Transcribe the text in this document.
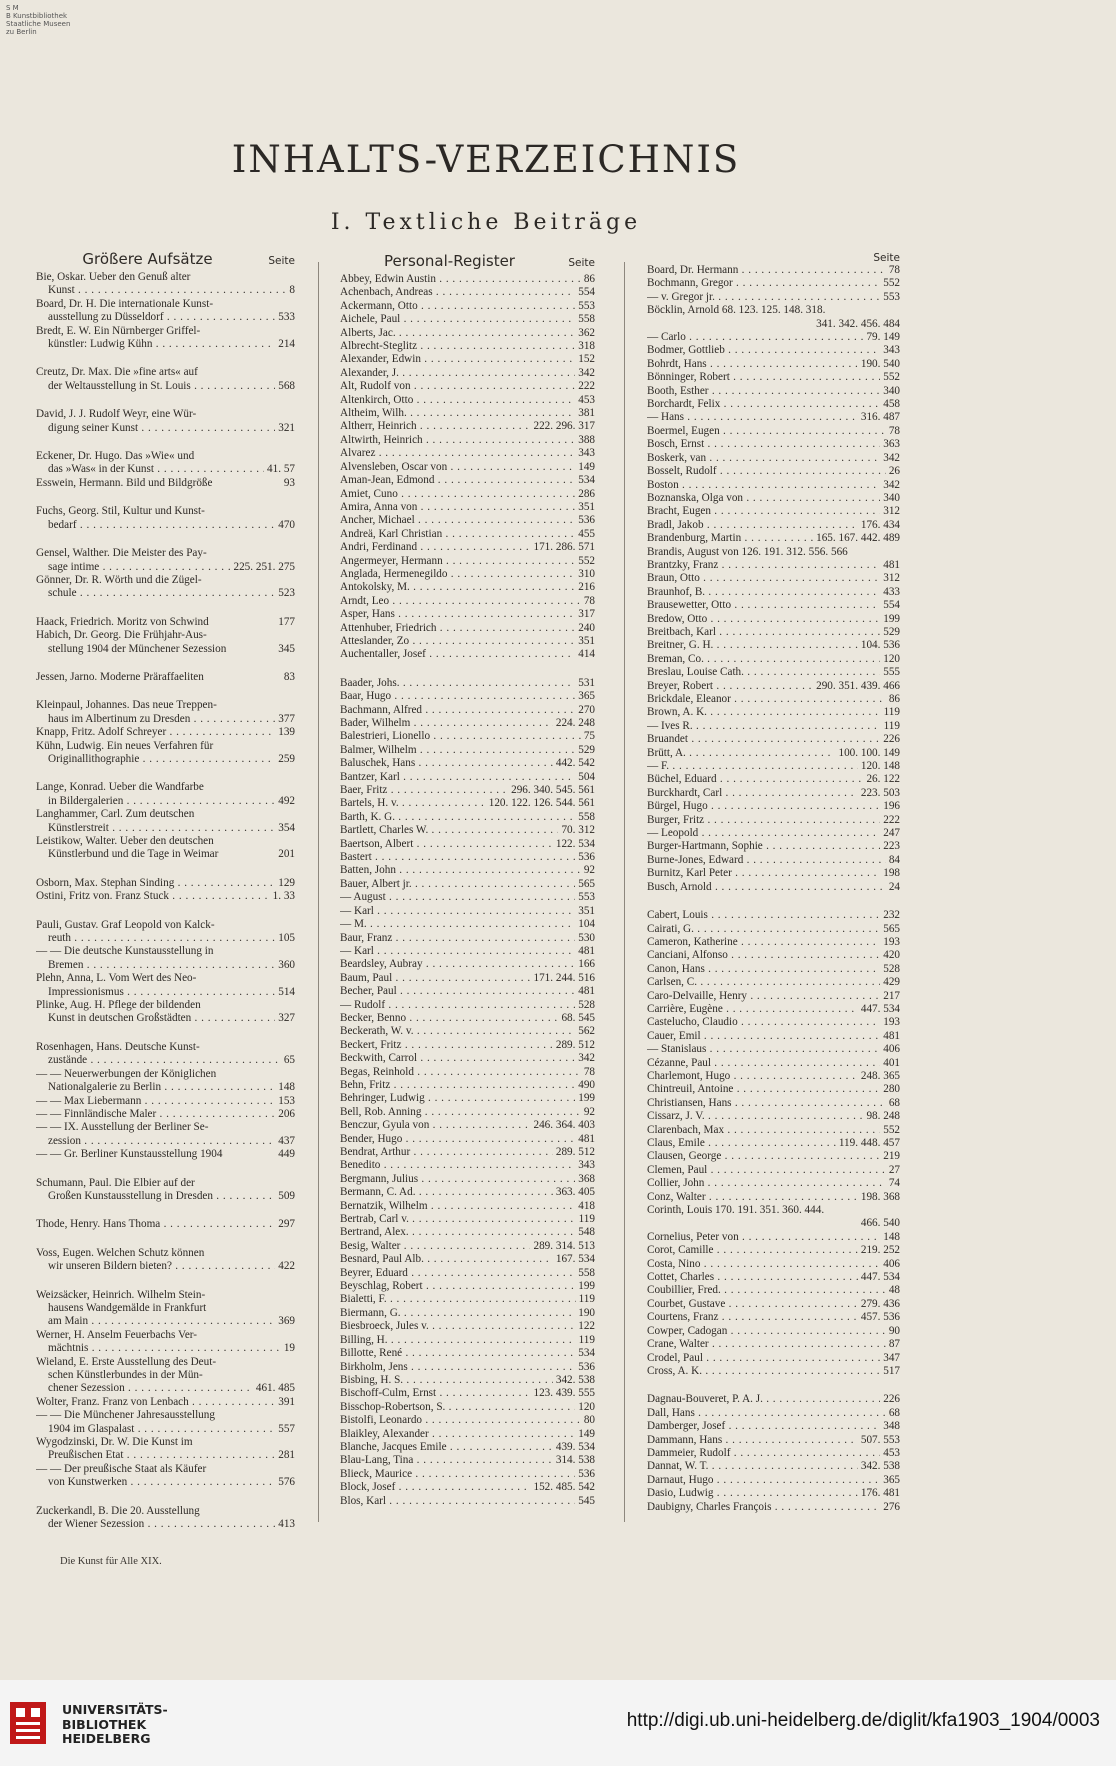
S M
B Kunstbibliothek
Staatliche Museen
zu Berlin
INHALTS-VERZEICHNIS
I. Textliche Beiträge
Größere Aufsätze	Seite
Bie, Oskar. Ueber den Genuß alter
Kunst . . .	8
Board, Dr. H. Die internationale Kunst-
ausstellung zu Düsseldorf . . .	533
Bredt, E. W. Ein Nürnberger Griffel-
künstler: Ludwig Kühn . . .	214
Creutz, Dr. Max. Die »fine arts« auf
der Weltausstellung in St. Louis . . .	568
David, J. J. Rudolf Weyr, eine Wür-
digung seiner Kunst . . .	321
Eckener, Dr. Hugo. Das »Wie« und
das »Was« in der Kunst . . .	41. 57
Esswein, Hermann. Bild und Bildgröße	93
Fuchs, Georg. Stil, Kultur und Kunst-
bedarf . . .	470
Gensel, Walther. Die Meister des Pay-
sage intime . . .	225. 251. 275
Gönner, Dr. R. Wörth und die Zügel-
schule . . .	523
Haack, Friedrich. Moritz von Schwind	177
Habich, Dr. Georg. Die Frühjahr-Aus-
stellung 1904 der Münchener Sezession	345
Jessen, Jarno. Moderne Präraffaeliten	83
Kleinpaul, Johannes. Das neue Treppen-
haus im Albertinum zu Dresden . . .	377
Knapp, Fritz. Adolf Schreyer . . .	139
Kühn, Ludwig. Ein neues Verfahren für
Originallithographie . . .	259
Lange, Konrad. Ueber die Wandfarbe
in Bildergalerien . . .	492
Langhammer, Carl. Zum deutschen
Künstlerstreit . . .	354
Leistikow, Walter. Ueber den deutschen
Künstlerbund und die Tage in Weimar	201
Osborn, Max. Stephan Sinding . . .	129
Ostini, Fritz von. Franz Stuck . . .	1. 33
Pauli, Gustav. Graf Leopold von Kalck-
reuth . . .	105
— — Die deutsche Kunstausstellung in
Bremen . . .	360
Plehn, Anna, L. Vom Wert des Neo-
Impressionismus . . .	514
Plinke, Aug. H. Pflege der bildenden
Kunst in deutschen Großstädten . . .	327
Rosenhagen, Hans. Deutsche Kunst-
zustände . . .	65
— — Neuerwerbungen der Königlichen
Nationalgalerie zu Berlin . . .	148
— — Max Liebermann . . .	153
— — Finnländische Maler . . .	206
— — IX. Ausstellung der Berliner Se-
zession . . .	437
— — Gr. Berliner Kunstausstellung 1904	449
Schumann, Paul. Die Elbier auf der
Großen Kunstausstellung in Dresden . . .	509
Thode, Henry. Hans Thoma . . .	297
Voss, Eugen. Welchen Schutz können
wir unseren Bildern bieten? . . .	422
Weizsäcker, Heinrich. Wilhelm Stein-
hausens Wandgemälde in Frankfurt
am Main . . .	369
Werner, H. Anselm Feuerbachs Ver-
mächtnis . . .	19
Wieland, E. Erste Ausstellung des Deut-
schen Künstlerbundes in der Mün-
chener Sezession . . .	461. 485
Wolter, Franz. Franz von Lenbach . . .	391
— — Die Münchener Jahresausstellung
1904 im Glaspalast . . .	557
Wygodzinski, Dr. W. Die Kunst im
Preußischen Etat . . .	281
— — Der preußische Staat als Käufer
von Kunstwerken . . .	576
Zuckerkandl, B. Die 20. Ausstellung
der Wiener Sezession . . .	413
Personal-Register	Seite
Abbey, Edwin Austin . . .	86
Achenbach, Andreas . . .	554
Ackermann, Otto . . .	553
Aichele, Paul . . .	558
Alberts, Jac. . . .	362
Albrecht-Steglitz . . .	318
Alexander, Edwin . . .	152
Alexander, J. . . .	342
Alt, Rudolf von . . .	222
Altenkirch, Otto . . .	453
Altheim, Wilh. . . .	381
Altherr, Heinrich . . .	222. 296. 317
Altwirth, Heinrich . . .	388
Alvarez . . .	343
Alvensleben, Oscar von . . .	149
Aman-Jean, Edmond . . .	534
Amiet, Cuno . . .	286
Amira, Anna von . . .	351
Ancher, Michael . . .	536
Andreä, Karl Christian . . .	455
Andri, Ferdinand . . .	171. 286. 571
Angermeyer, Hermann . . .	552
Anglada, Hermenegildo . . .	310
Antokolsky, M. . . .	216
Arndt, Leo . . .	78
Asper, Hans . . .	317
Attenhuber, Friedrich . . .	240
Atteslander, Zo . . .	351
Auchentaller, Josef . . .	414
Baader, Johs. . . .	531
Baar, Hugo . . .	365
Bachmann, Alfred . . .	270
Bader, Wilhelm . . .	224. 248
Balestrieri, Lionello . . .	75
Balmer, Wilhelm . . .	529
Baluschek, Hans . . .	442. 542
Bantzer, Karl . . .	504
Baer, Fritz . . .	296. 340. 545. 561
Bartels, H. v. . . .	120. 122. 126. 544. 561
Barth, K. G. . . .	558
Bartlett, Charles W. . . .	70. 312
Baertson, Albert . . .	122. 534
Bastert . . .	536
Batten, John . . .	92
Bauer, Albert jr. . . .	565
— August . . .	553
— Karl . . .	351
— M. . . .	104
Baur, Franz . . .	530
— Karl . . .	481
Beardsley, Aubray . . .	166
Baum, Paul . . .	171. 244. 516
Becher, Paul . . .	481
— Rudolf . . .	528
Becker, Benno . . .	68. 545
Beckerath, W. v. . . .	562
Beckert, Fritz . . .	289. 512
Beckwith, Carrol . . .	342
Begas, Reinhold . . .	78
Behn, Fritz . . .	490
Behringer, Ludwig . . .	199
Bell, Rob. Anning . . .	92
Benczur, Gyula von . . .	246. 364. 403
Bender, Hugo . . .	481
Bendrat, Arthur . . .	289. 512
Benedito . . .	343
Bergmann, Julius . . .	368
Bermann, C. Ad. . . .	363. 405
Bernatzik, Wilhelm . . .	418
Bertrab, Carl v. . . .	119
Bertrand, Alex. . . .	548
Besig, Walter . . .	289. 314. 513
Besnard, Paul Alb. . . .	167. 534
Beyrer, Eduard . . .	558
Beyschlag, Robert . . .	199
Bialetti, F. . . .	119
Biermann, G. . . .	190
Biesbroeck, Jules v. . . .	122
Billing, H. . . .	119
Billotte, René . . .	534
Birkholm, Jens . . .	536
Bisbing, H. S. . . .	342. 538
Bischoff-Culm, Ernst . . .	123. 439. 555
Bisschop-Robertson, S. . . .	120
Bistolfi, Leonardo . . .	80
Blaikley, Alexander . . .	149
Blanche, Jacques Emile . . .	439. 534
Blau-Lang, Tina . . .	314. 538
Blieck, Maurice . . .	536
Block, Josef . . .	152. 485. 542
Blos, Karl . . .	545
Seite
Board, Dr. Hermann . . .	78
Bochmann, Gregor . . .	552
— v. Gregor jr. . . .	553
Böcklin, Arnold 68. 123. 125. 148. 318.
341. 342. 456. 484
— Carlo . . .	79. 149
Bodmer, Gottlieb . . .	343
Bohrdt, Hans . . .	190. 540
Bönninger, Robert . . .	552
Booth, Esther . . .	340
Borchardt, Felix . . .	458
— Hans . . .	316. 487
Boermel, Eugen . . .	78
Bosch, Ernst . . .	363
Boskerk, van . . .	342
Bosselt, Rudolf . . .	26
Boston . . .	342
Boznanska, Olga von . . .	340
Bracht, Eugen . . .	312
Bradl, Jakob . . .	176. 434
Brandenburg, Martin . . .	165. 167. 442. 489
Brandis, August von 126. 191. 312. 556. 566
Brantzky, Franz . . .	481
Braun, Otto . . .	312
Braunhof, B. . . .	433
Brausewetter, Otto . . .	554
Bredow, Otto . . .	199
Breitbach, Karl . . .	529
Breitner, G. H. . . .	104. 536
Breman, Co. . . .	120
Breslau, Louise Cath. . . .	555
Breyer, Robert . . .	290. 351. 439. 466
Brickdale, Eleanor . . .	86
Brown, A. K. . . .	119
— Ives R. . . .	119
Bruandet . . .	226
Brütt, A. . . .	100. 100. 149
— F. . . .	120. 148
Büchel, Eduard . . .	26. 122
Burckhardt, Carl . . .	223. 503
Bürgel, Hugo . . .	196
Burger, Fritz . . .	222
— Leopold . . .	247
Burger-Hartmann, Sophie . . .	223
Burne-Jones, Edward . . .	84
Burnitz, Karl Peter . . .	198
Busch, Arnold . . .	24
Cabert, Louis . . .	232
Cairati, G. . . .	565
Cameron, Katherine . . .	193
Canciani, Alfonso . . .	420
Canon, Hans . . .	528
Carlsen, C. . . .	429
Caro-Delvaille, Henry . . .	217
Carrière, Eugène . . .	447. 534
Castelucho, Claudio . . .	193
Cauer, Emil . . .	481
— Stanislaus . . .	406
Cézanne, Paul . . .	401
Charlemont, Hugo . . .	248. 365
Chintreuil, Antoine . . .	280
Christiansen, Hans . . .	68
Cissarz, J. V. . . .	98. 248
Clarenbach, Max . . .	552
Claus, Emile . . .	119. 448. 457
Clausen, George . . .	219
Clemen, Paul . . .	27
Collier, John . . .	74
Conz, Walter . . .	198. 368
Corinth, Louis 170. 191. 351. 360. 444.
466. 540
Cornelius, Peter von . . .	148
Corot, Camille . . .	219. 252
Costa, Nino . . .	406
Cottet, Charles . . .	447. 534
Coubillier, Fred. . . .	48
Courbet, Gustave . . .	279. 436
Courtens, Franz . . .	457. 536
Cowper, Cadogan . . .	90
Crane, Walter . . .	87
Crodel, Paul . . .	347
Cross, A. K. . . .	517
Dagnau-Bouveret, P. A. J. . . .	226
Dall, Hans . . .	68
Damberger, Josef . . .	348
Dammann, Hans . . .	507. 553
Dammeier, Rudolf . . .	453
Dannat, W. T. . . .	342. 538
Darnaut, Hugo . . .	365
Dasio, Ludwig . . .	176. 481
Daubigny, Charles François . . .	276
Die Kunst für Alle XIX.
UNIVERSITÄTS-
BIBLIOTHEK
HEIDELBERG
http://digi.ub.uni-heidelberg.de/diglit/kfa1903_1904/0003
